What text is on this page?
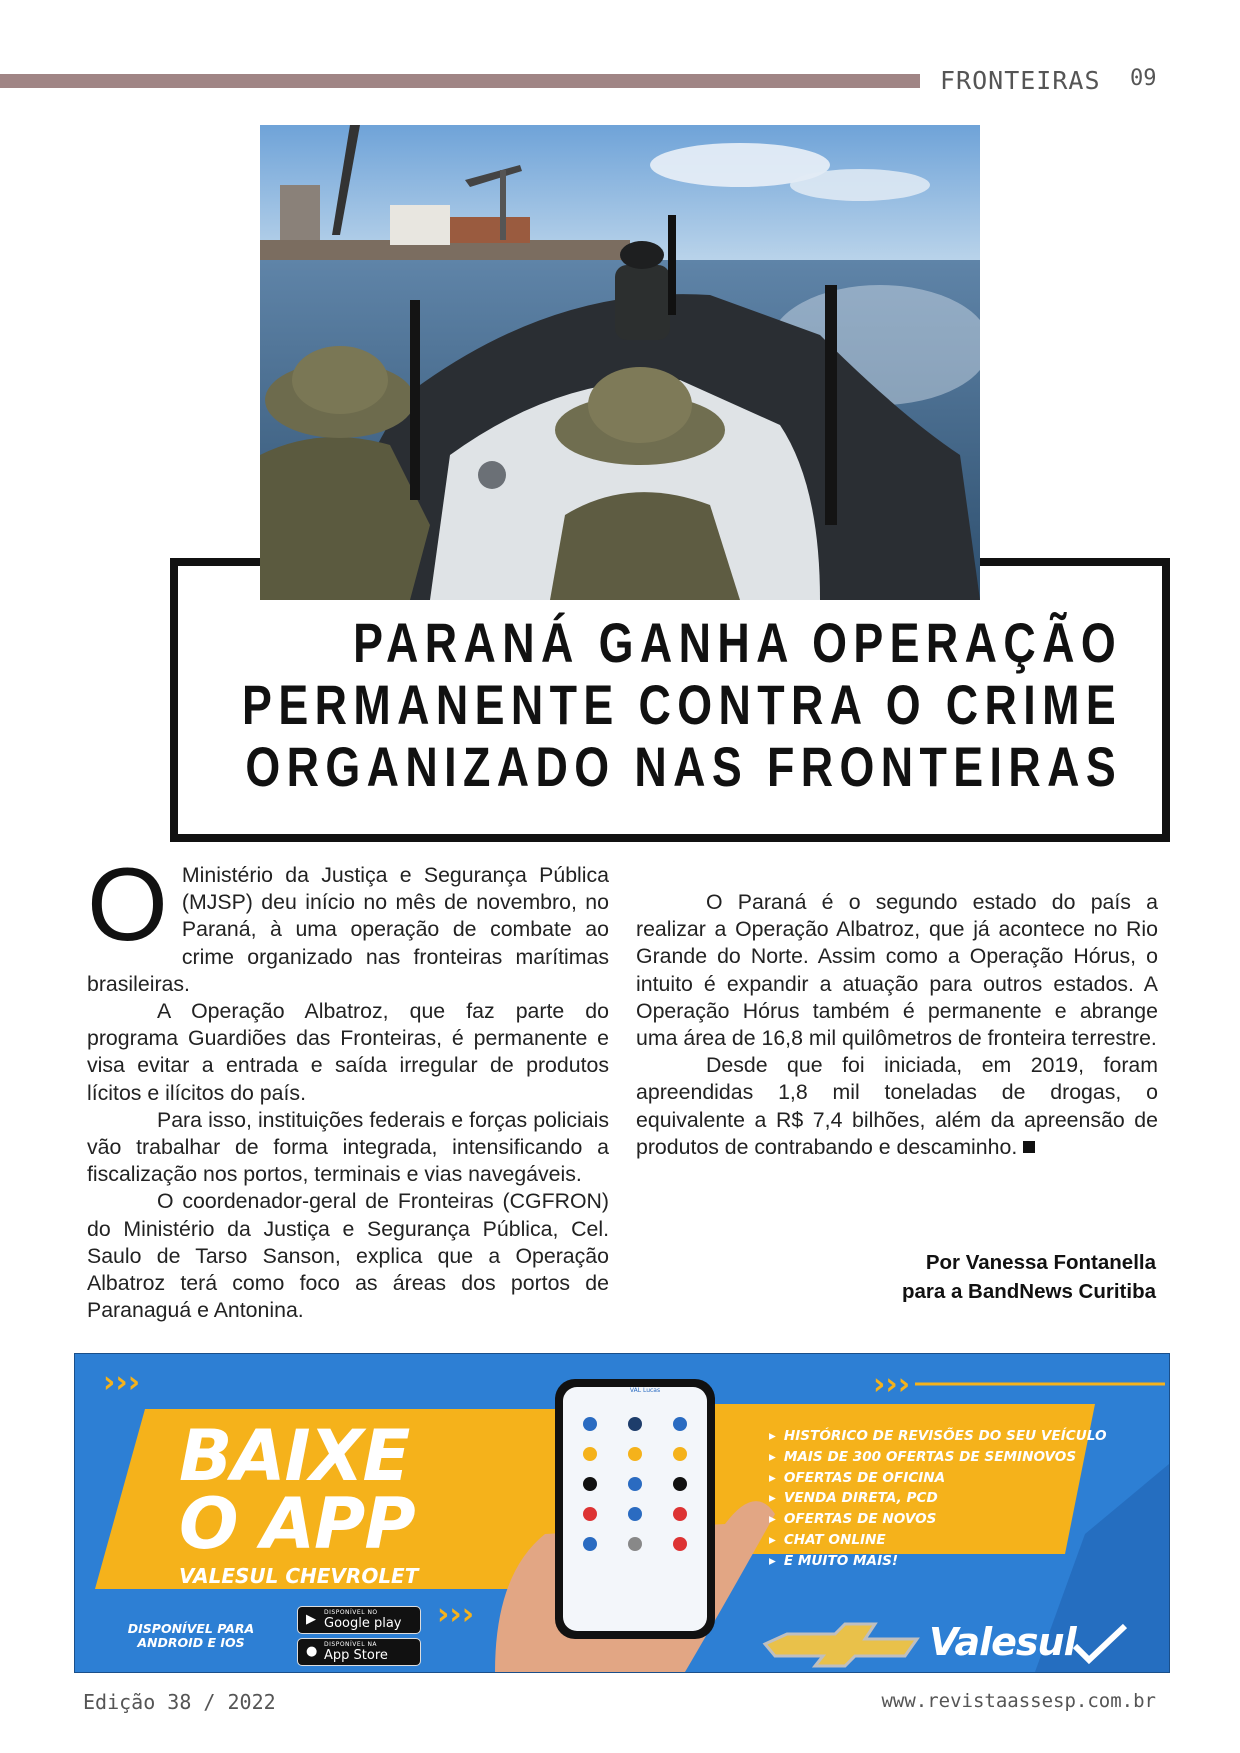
FRONTEIRAS 09
PARANÁ GANHA OPERAÇÃO
PERMANENTE CONTRA O CRIME
ORGANIZADO NAS FRONTEIRAS
O Ministério da Justiça e Segurança Pública (MJSP) deu início no mês de novembro, no Paraná, à uma operação de combate ao crime organizado nas fronteiras marítimas brasileiras.

A Operação Albatroz, que faz parte do programa Guardiões das Fronteiras, é permanente e visa evitar a entrada e saída irregular de produtos lícitos e ilícitos do país.

Para isso, instituições federais e forças policiais vão trabalhar de forma integrada, intensificando a fiscalização nos portos, terminais e vias navegáveis.

O coordenador-geral de Fronteiras (CGFRON) do Ministério da Justiça e Segurança Pública, Cel. Saulo de Tarso Sanson, explica que a Operação Albatroz terá como foco as áreas dos portos de Paranaguá e Antonina.

O Paraná é o segundo estado do país a realizar a Operação Albatroz, que já acontece no Rio Grande do Norte. Assim como a Operação Hórus, o intuito é expandir a atuação para outros estados. A Operação Hórus também é permanente e abrange uma área de 16,8 mil quilômetros de fronteira terrestre.

Desde que foi iniciada, em 2019, foram apreendidas 1,8 mil toneladas de drogas, o equivalente a R$ 7,4 bilhões, além da apreensão de produtos de contrabando e descaminho.

Por Vanessa Fontanella
para a BandNews Curitiba
›››	›››
›››
VAL Lucas
BAIXE
O APP
VALESUL CHEVROLET
DISPONÍVEL PARA ANDROID E IOS
▶ DISPONÍVEL NO
Google play
● DISPONÍVEL NA
App Store
▸ HISTÓRICO DE REVISÕES DO SEU VEÍCULO
▸ MAIS DE 300 OFERTAS DE SEMINOVOS
▸ OFERTAS DE OFICINA
▸ VENDA DIRETA, PCD
▸ OFERTAS DE NOVOS
▸ CHAT ONLINE
▸ E MUITO MAIS!
Valesul
Edição 38 / 2022	www.revistaassesp.com.br
